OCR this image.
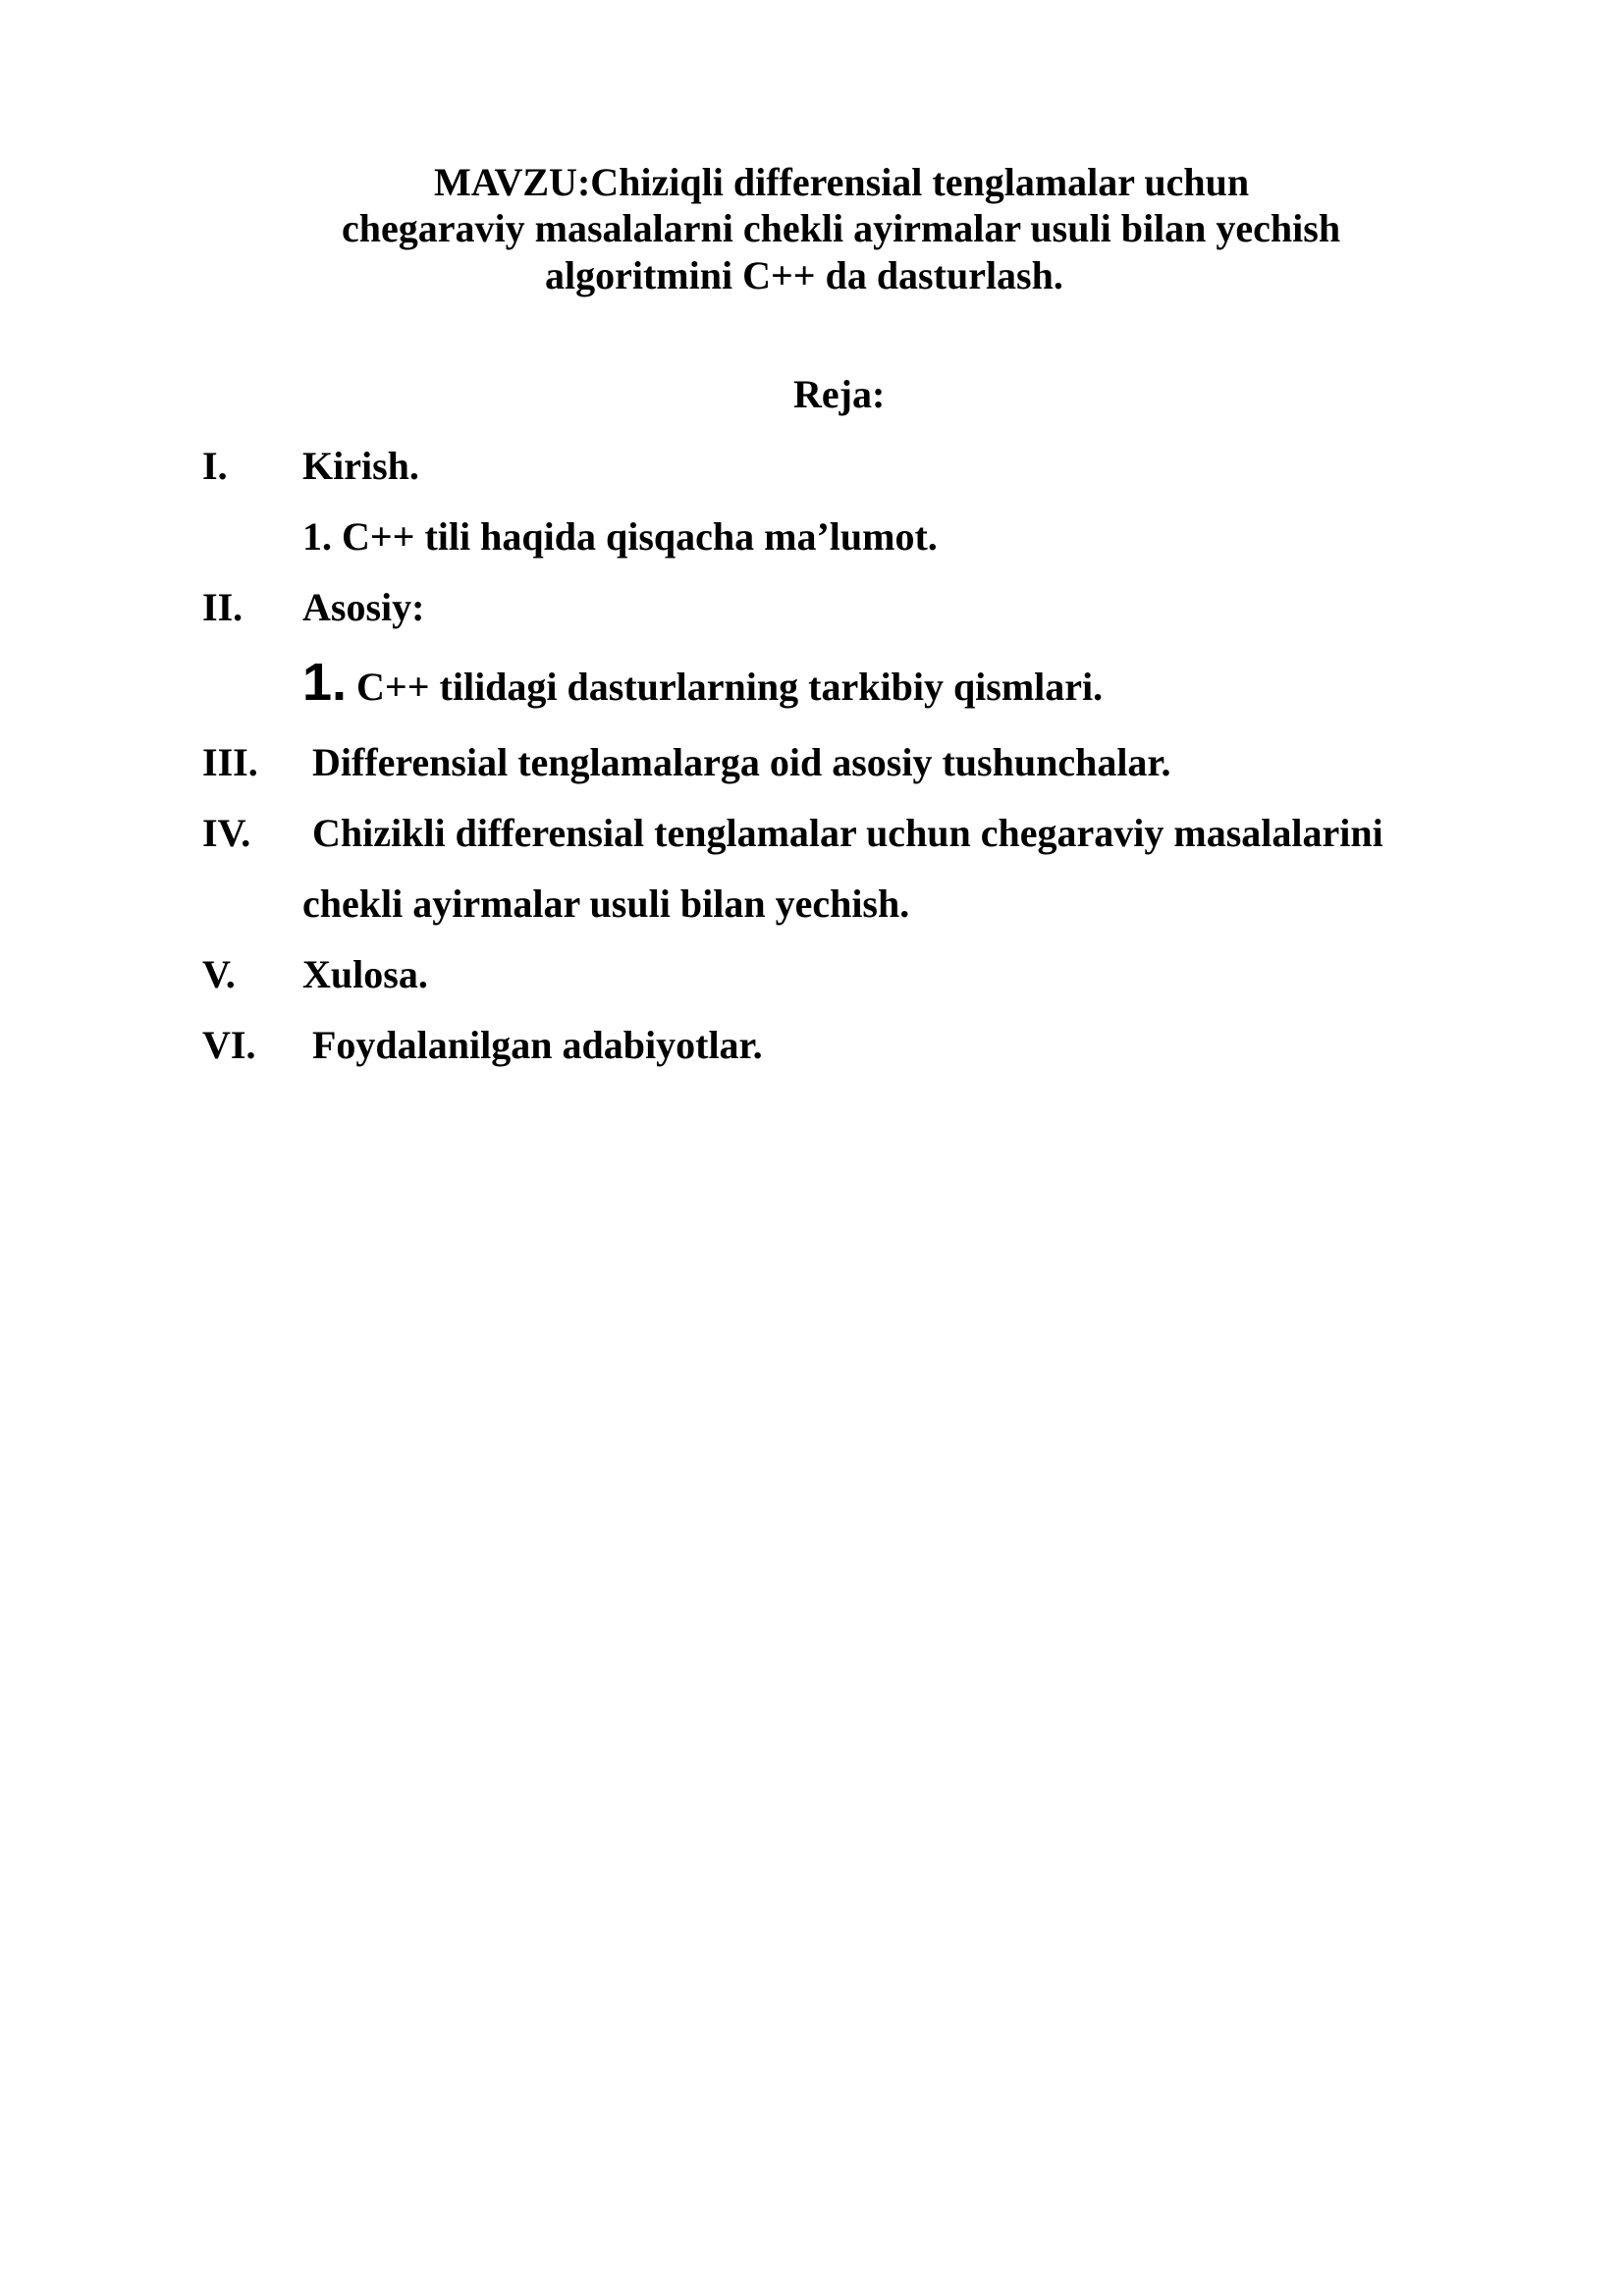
MAVZU:Chiziqli differensial tenglamalar uchun
chegaraviy masalalarni chekli ayirmalar usuli bilan yechish
algoritmini C++ da dasturlash.
Reja:
I. Kirish.
1. C++ tili haqida qisqacha ma’lumot.
II. Asosiy:
1. C++ tilidagi dasturlarning tarkibiy qismlari.
III. Differensial tenglamalarga oid asosiy tushunchalar.
IV. Chizikli differensial tenglamalar uchun chegaraviy masalalarini
chekli ayirmalar usuli bilan yechish.
V. Xulosa.
VI. Foydalanilgan adabiyotlar.
